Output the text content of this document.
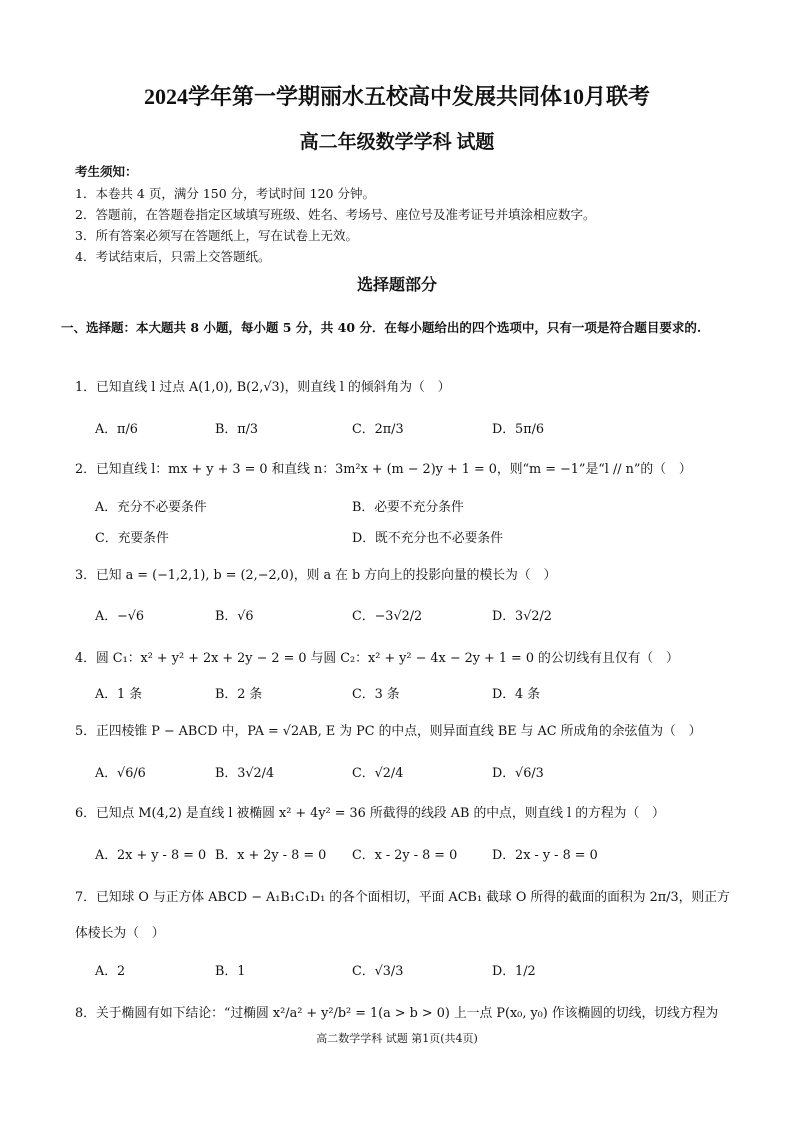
2024学年第一学期丽水五校高中发展共同体10月联考
高二年级数学学科 试题
考生须知：
1．本卷共 4 页，满分 150 分，考试时间 120 分钟。
2．答题前，在答题卷指定区域填写班级、姓名、考场号、座位号及准考证号并填涂相应数字。
3．所有答案必须写在答题纸上，写在试卷上无效。
4．考试结束后，只需上交答题纸。
选择题部分
一、选择题：本大题共 8 小题，每小题 5 分，共 40 分．在每小题给出的四个选项中，只有一项是符合题目要求的.
1．已知直线 l 过点 A(1,0), B(2,√3)，则直线 l 的倾斜角为（　）
A．π/6	B．π/3	C．2π/3	D．5π/6
2．已知直线 l：mx + y + 3 = 0 和直线 n：3m²x + (m − 2)y + 1 = 0，则“m = −1”是“l // n”的（　）
A．充分不必要条件	B．必要不充分条件
C．充要条件	D．既不充分也不必要条件
3．已知 a = (−1,2,1), b = (2,−2,0)，则 a 在 b 方向上的投影向量的模长为（　）
A．−√6	B．√6	C．−3√2/2	D．3√2/2
4．圆 C₁：x² + y² + 2x + 2y − 2 = 0 与圆 C₂：x² + y² − 4x − 2y + 1 = 0 的公切线有且仅有（　）
A．1 条	B．2 条	C．3 条	D．4 条
5．正四棱锥 P − ABCD 中，PA = √2AB, E 为 PC 的中点，则异面直线 BE 与 AC 所成角的余弦值为（　）
A．√6/6	B．3√2/4	C．√2/4	D．√6/3
6．已知点 M(4,2) 是直线 l 被椭圆 x² + 4y² = 36 所截得的线段 AB 的中点，则直线 l 的方程为（　）
A．2x + y - 8 = 0 B．x + 2y - 8 = 0 C．x - 2y - 8 = 0	D．2x - y - 8 = 0
7．已知球 O 与正方体 ABCD − A₁B₁C₁D₁ 的各个面相切，平面 ACB₁ 截球 O 所得的截面的面积为 2π/3，则正方
体棱长为（　）
A．2	B．1	C．√3/3	D．1/2
8．关于椭圆有如下结论：“过椭圆 x²/a² + y²/b² = 1(a > b > 0) 上一点 P(x₀, y₀) 作该椭圆的切线，切线方程为
高二数学学科 试题 第1页(共4页)
